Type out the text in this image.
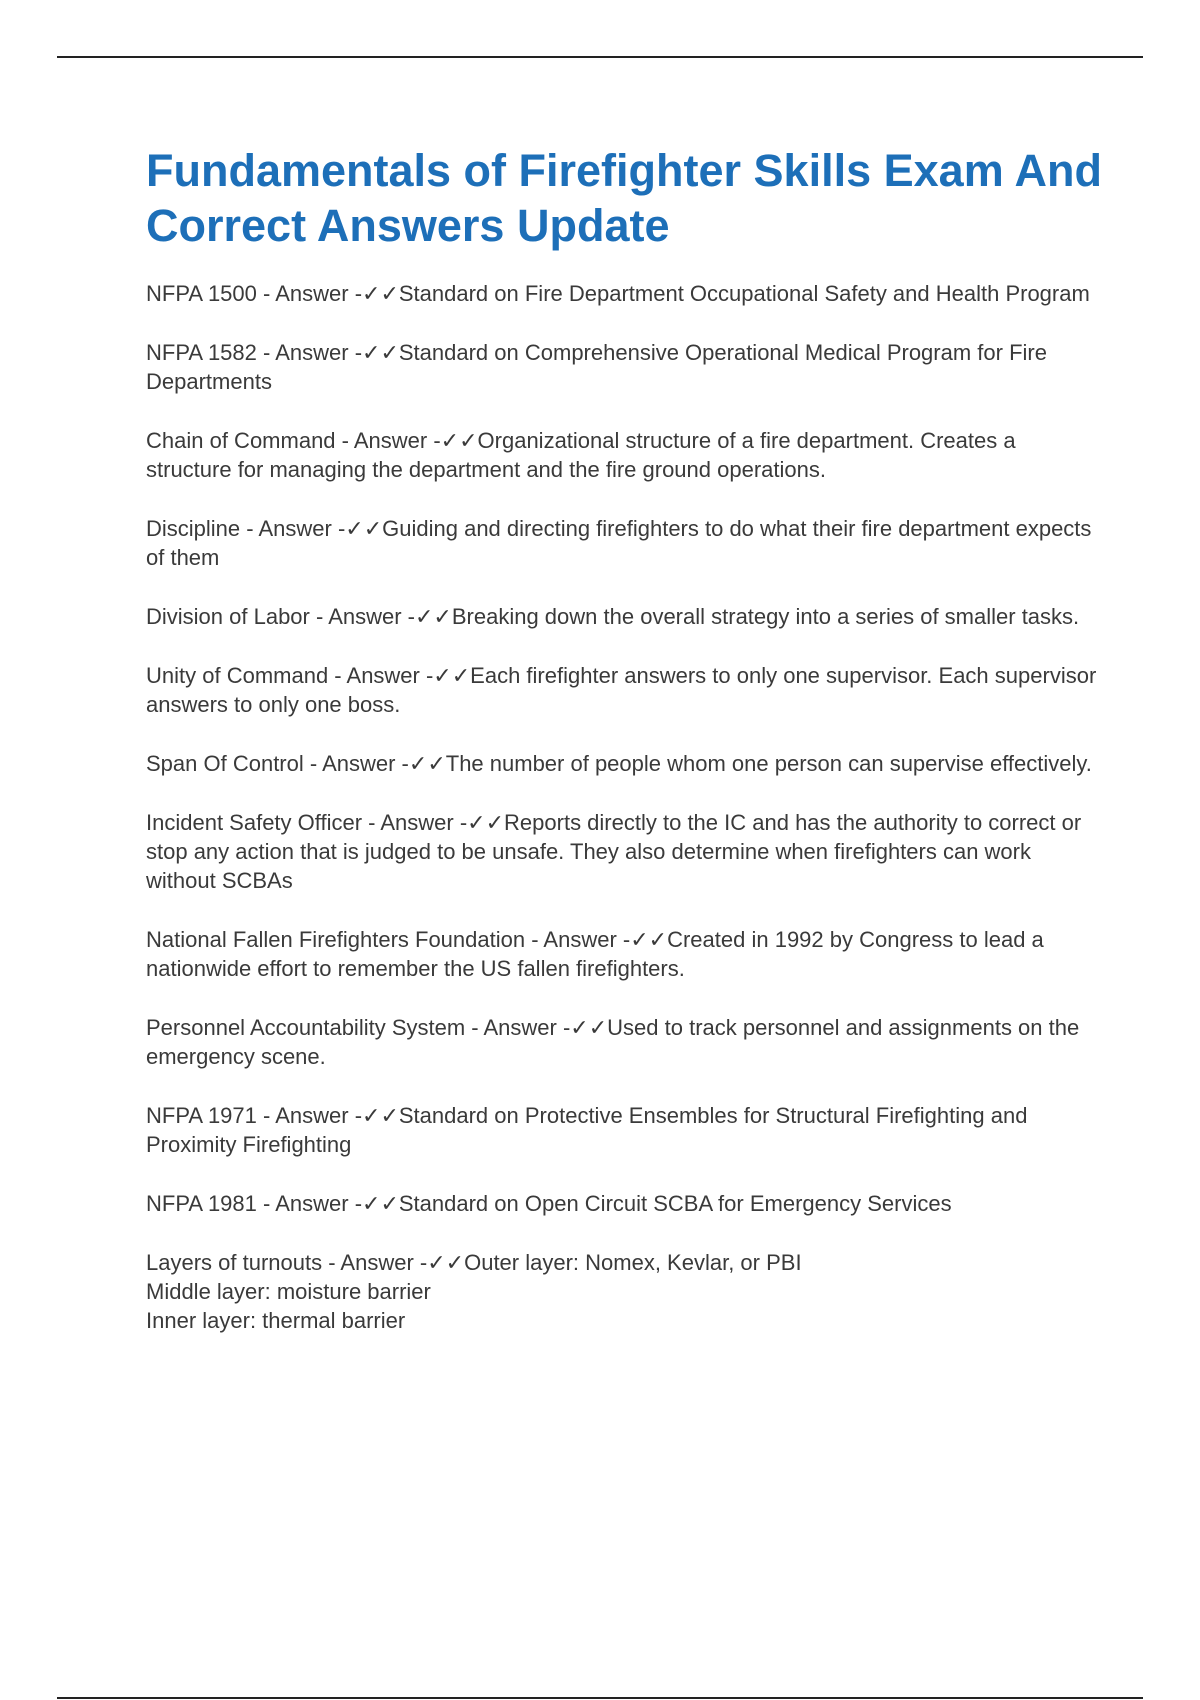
Fundamentals of Firefighter Skills Exam And Correct Answers Update
NFPA 1500 - Answer -✓✓Standard on Fire Department Occupational Safety and Health Program
NFPA 1582 - Answer -✓✓Standard on Comprehensive Operational Medical Program for Fire Departments
Chain of Command - Answer -✓✓Organizational structure of a fire department. Creates a structure for managing the department and the fire ground operations.
Discipline - Answer -✓✓Guiding and directing firefighters to do what their fire department expects of them
Division of Labor - Answer -✓✓Breaking down the overall strategy into a series of smaller tasks.
Unity of Command - Answer -✓✓Each firefighter answers to only one supervisor. Each supervisor answers to only one boss.
Span Of Control - Answer -✓✓The number of people whom one person can supervise effectively.
Incident Safety Officer - Answer -✓✓Reports directly to the IC and has the authority to correct or stop any action that is judged to be unsafe. They also determine when firefighters can work without SCBAs
National Fallen Firefighters Foundation - Answer -✓✓Created in 1992 by Congress to lead a nationwide effort to remember the US fallen firefighters.
Personnel Accountability System - Answer -✓✓Used to track personnel and assignments on the emergency scene.
NFPA 1971 - Answer -✓✓Standard on Protective Ensembles for Structural Firefighting and Proximity Firefighting
NFPA 1981 - Answer -✓✓Standard on Open Circuit SCBA for Emergency Services
Layers of turnouts - Answer -✓✓Outer layer: Nomex, Kevlar, or PBI
Middle layer: moisture barrier
Inner layer: thermal barrier
